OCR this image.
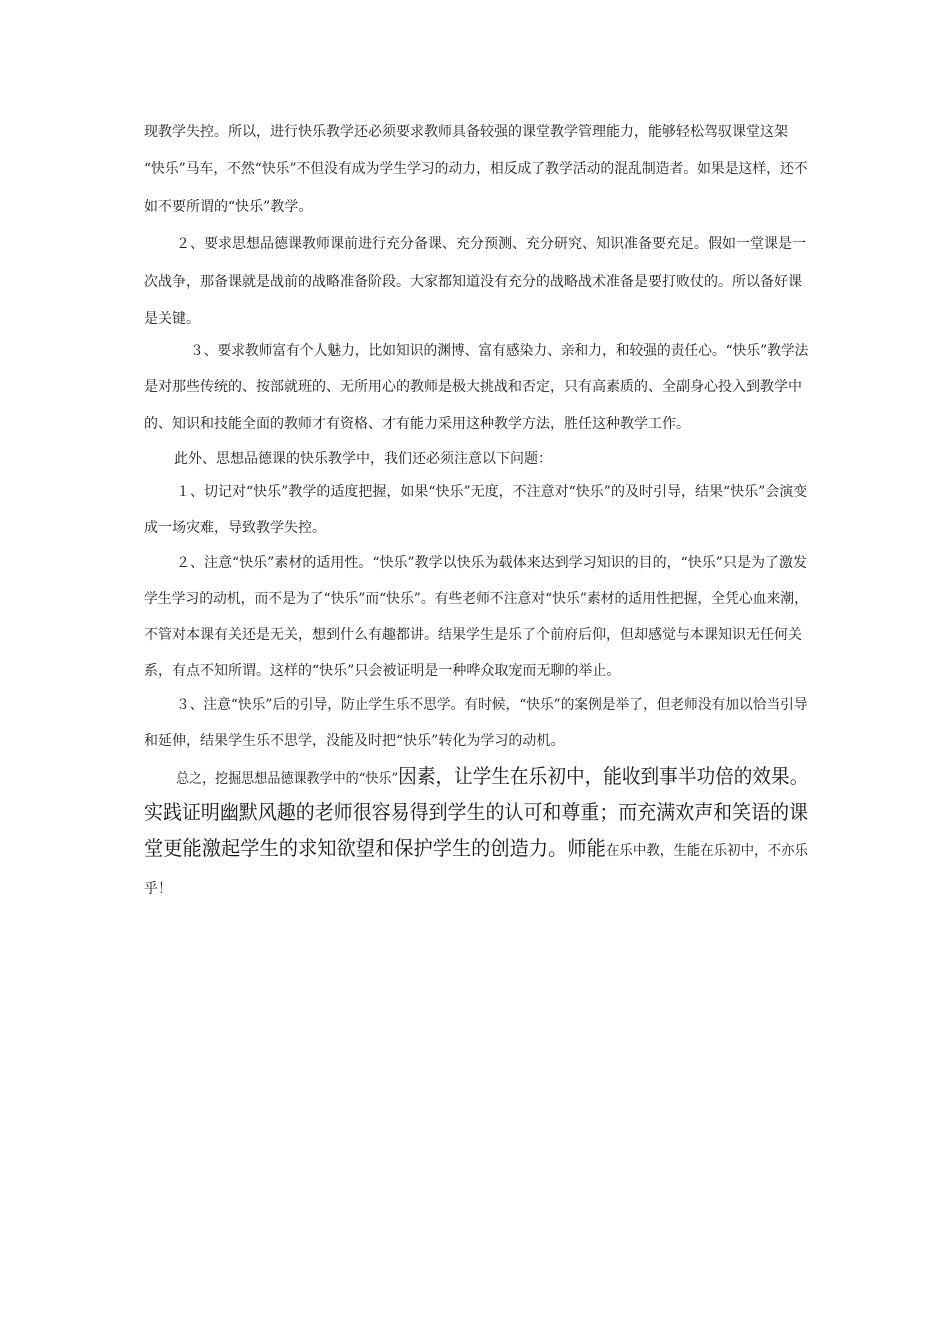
现教学失控。所以，进行快乐教学还必须要求教师具备较强的课堂教学管理能力，能够轻松驾驭课堂这架
“快乐”马车，不然“快乐”不但没有成为学生学习的动力，相反成了教学活动的混乱制造者。如果是这样，还不
如不要所谓的“快乐”教学。
２、要求思想品德课教师课前进行充分备课、充分预测、充分研究、知识准备要充足。假如一堂课是一
次战争，那备课就是战前的战略准备阶段。大家都知道没有充分的战略战术准备是要打败仗的。所以备好课
是关键。
３、要求教师富有个人魅力，比如知识的渊博、富有感染力、亲和力，和较强的责任心。“快乐”教学法
是对那些传统的、按部就班的、无所用心的教师是极大挑战和否定，只有高素质的、全副身心投入到教学中
的、知识和技能全面的教师才有资格、才有能力采用这种教学方法，胜任这种教学工作。
此外、思想品德课的快乐教学中，我们还必须注意以下问题：
１、切记对“快乐”教学的适度把握，如果“快乐”无度，不注意对“快乐”的及时引导，结果“快乐”会演变
成一场灾难，导致教学失控。
２、注意“快乐”素材的适用性。“快乐”教学以快乐为载体来达到学习知识的目的，“快乐”只是为了激发
学生学习的动机，而不是为了“快乐”而“快乐”。有些老师不注意对“快乐”素材的适用性把握，全凭心血来潮，
不管对本课有关还是无关，想到什么有趣都讲。结果学生是乐了个前府后仰，但却感觉与本课知识无任何关
系，有点不知所谓。这样的“快乐”只会被证明是一种哗众取宠而无聊的举止。
３、注意“快乐”后的引导，防止学生乐不思学。有时候，“快乐”的案例是举了，但老师没有加以恰当引导
和延伸，结果学生乐不思学，没能及时把“快乐”转化为学习的动机。
总之，挖掘思想品德课教学中的“快乐”因素，让学生在乐初中，能收到事半功倍的效果。
实践证明幽默风趣的老师很容易得到学生的认可和尊重；而充满欢声和笑语的课
堂更能激起学生的求知欲望和保护学生的创造力。师能在乐中教，生能在乐初中，不亦乐
乎！
